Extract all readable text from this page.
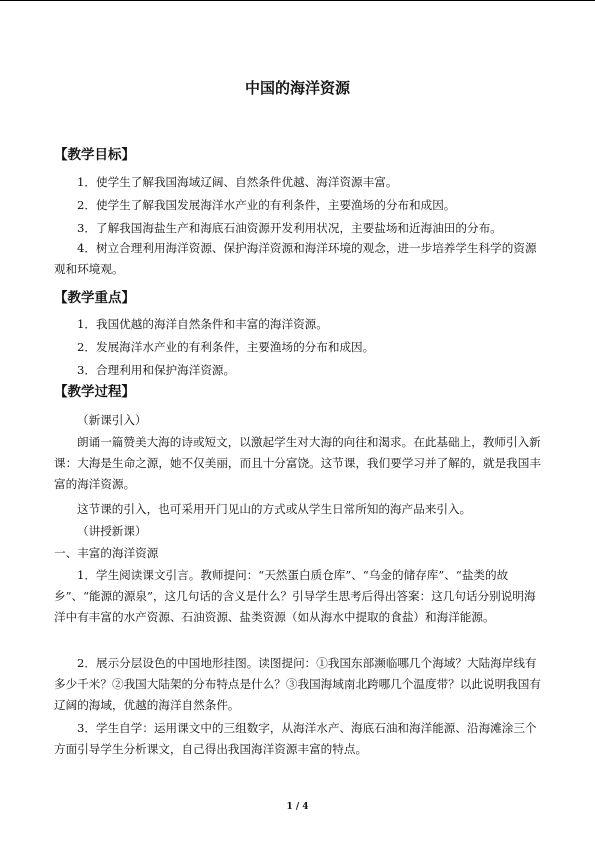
中国的海洋资源
【教学目标】
1．使学生了解我国海域辽阔、自然条件优越、海洋资源丰富。
2．使学生了解我国发展海洋水产业的有利条件，主要渔场的分布和成因。
3．了解我国海盐生产和海底石油资源开发利用状况，主要盐场和近海油田的分布。
4．树立合理利用海洋资源、保护海洋资源和海洋环境的观念，进一步培养学生科学的资源观和环境观。
【教学重点】
1．我国优越的海洋自然条件和丰富的海洋资源。
2．发展海洋水产业的有利条件，主要渔场的分布和成因。
3．合理利用和保护海洋资源。
【教学过程】
（新课引入）
朗诵一篇赞美大海的诗或短文，以激起学生对大海的向往和渴求。在此基础上，教师引入新课：大海是生命之源，她不仅美丽，而且十分富饶。这节课，我们要学习并了解的，就是我国丰富的海洋资源。
这节课的引入，也可采用开门见山的方式或从学生日常所知的海产品来引入。
（讲授新课）
一、丰富的海洋资源
1．学生阅读课文引言。教师提问：“天然蛋白质仓库”、“乌金的储存库”、“盐类的故乡”、“能源的源泉”，这几句话的含义是什么？引导学生思考后得出答案：这几句话分别说明海洋中有丰富的水产资源、石油资源、盐类资源（如从海水中提取的食盐）和海洋能源。
2．展示分层设色的中国地形挂图。读图提问：①我国东部濒临哪几个海域？大陆海岸线有多少千米？②我国大陆架的分布特点是什么？③我国海域南北跨哪几个温度带？以此说明我国有辽阔的海域，优越的海洋自然条件。
3．学生自学：运用课文中的三组数字，从海洋水产、海底石油和海洋能源、沿海滩涂三个方面引导学生分析课文，自己得出我国海洋资源丰富的特点。
1 / 4
